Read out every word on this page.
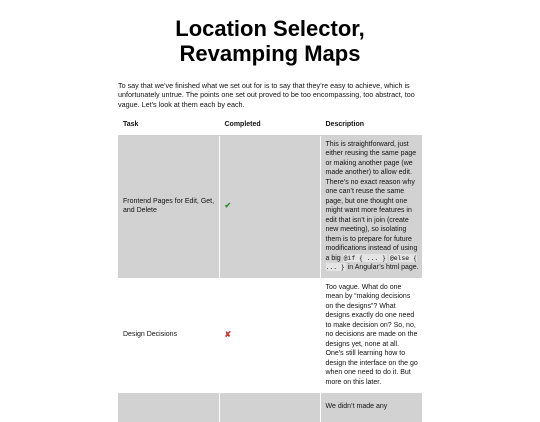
Location Selector,
Revamping Maps

To say that we’ve finished what we set out for is to say that they’re easy to achieve, which is unfortunately untrue. The points one set out proved to be too encompassing, too abstract, too vague. Let’s look at them each by each.

Task	Completed	Description
Frontend Pages for Edit, Get, and Delete	✔	This is straightforward, just either reusing the same page or making another page (we made another) to allow edit. There’s no exact reason why one can’t reuse the same page, but one thought one might want more features in edit that isn’t in join (create new meeting), so isolating them is to prepare for future modifications instead of using a big @if { ... } @else { ... } in Angular’s html page.
Design Decisions	✘	Too vague. What do one mean by “making decisions on the designs”? What designs exactly do one need to make decision on? So, no, no decisions are made on the designs yet, none at all. One’s still learning how to design the interface on the go when one need to do it. But more on this later.
		We didn’t made any
